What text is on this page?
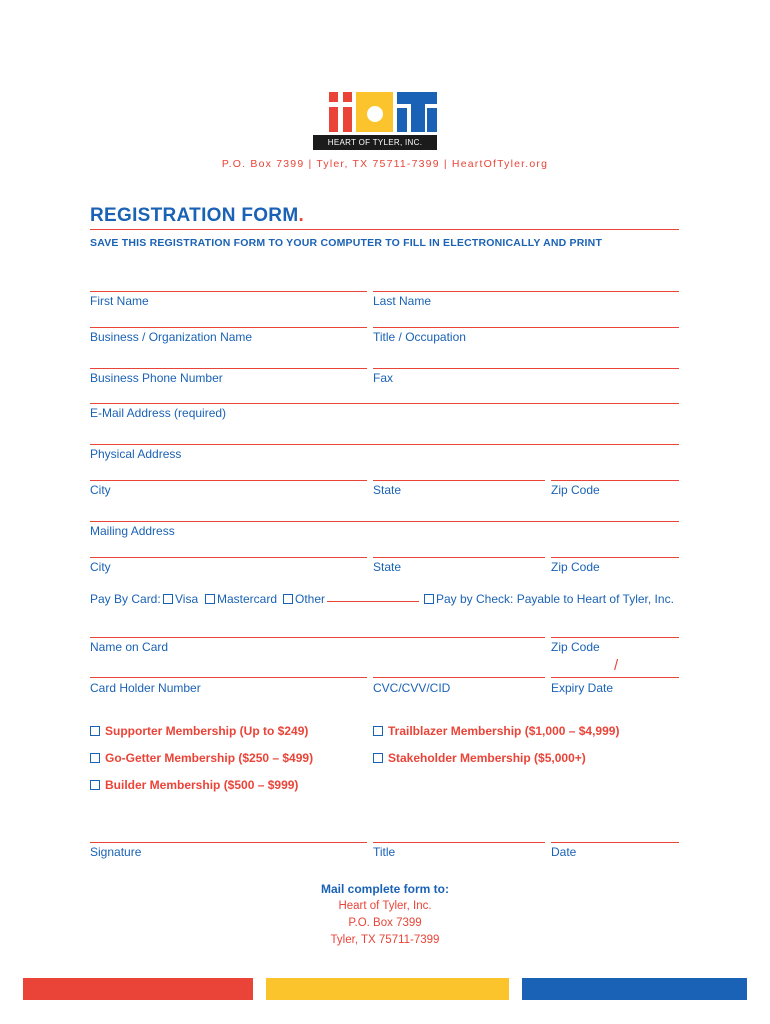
HEART OF TYLER, INC.
P.O. Box 7399 | Tyler, TX 75711-7399 | HeartOfTyler.org
REGISTRATION FORM.
SAVE THIS REGISTRATION FORM TO YOUR COMPUTER TO FILL IN ELECTRONICALLY AND PRINT
First Name	Last Name
Business / Organization Name	Title / Occupation
Business Phone Number	Fax
E-Mail Address (required)
Physical Address
City	State	Zip Code
Mailing Address
City	State	Zip Code
Pay By Card:	Visa	Mastercard	Other	Pay by Check: Payable to Heart of Tyler, Inc.
Name on Card	Zip Code
/
Card Holder Number	CVC/CVV/CID	Expiry Date
Supporter Membership (Up to $249)	Trailblazer Membership ($1,000 – $4,999)
Go-Getter Membership ($250 – $499)	Stakeholder Membership ($5,000+)
Builder Membership ($500 – $999)
Signature	Title	Date
Mail complete form to:
Heart of Tyler, Inc.
P.O. Box 7399
Tyler, TX 75711-7399
